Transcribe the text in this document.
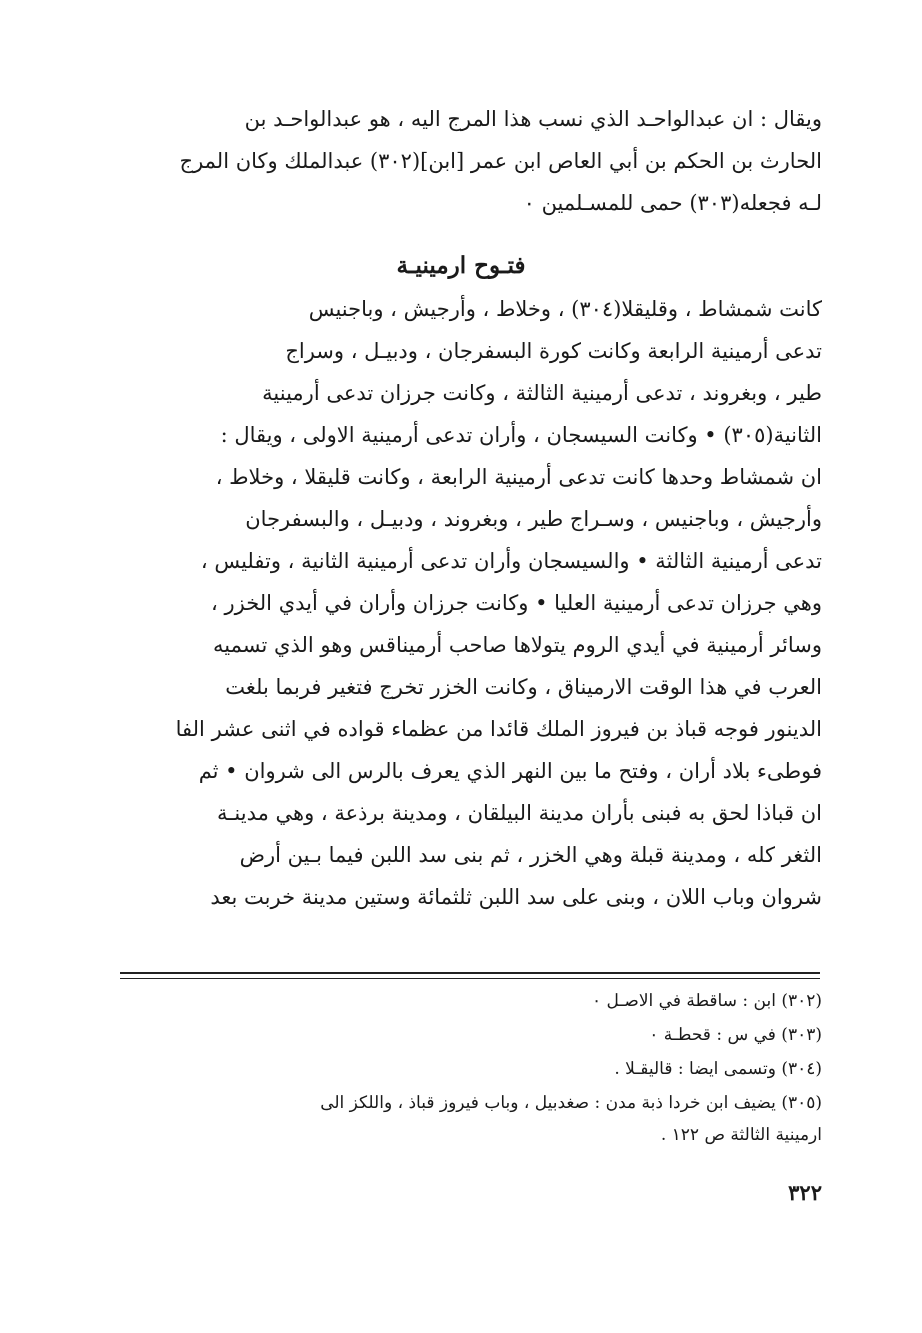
ويقال : ان عبدالواحـد الذي نسب هذا المرج اليه ، هو عبدالواحـد بن
الحارث بن الحكم بن أبي العاص ابن عمر [ابن](٣٠٢) عبدالملك وكان المرج
لـه فجعله(٣٠٣) حمى للمسـلمين ٠
فتـوح ارمينيـة
كانت شمشاط ، وقليقلا(٣٠٤) ، وخلاط ، وأرجيش ، وباجنيس
تدعى أرمينية الرابعة وكانت كورة البسفرجان ، ودبيـل ، وسراج
طير ، وبغروند ، تدعى أرمينية الثالثة ، وكانت جرزان تدعى أرمينية
الثانية(٣٠٥) • وكانت السيسجان ، وأران تدعى أرمينية الاولى ، ويقال :
ان شمشاط وحدها كانت تدعى أرمينية الرابعة ، وكانت قليقلا ، وخلاط ،
وأرجيش ، وباجنيس ، وسـراج طير ، وبغروند ، ودبيـل ، والبسفرجان
تدعى أرمينية الثالثة • والسيسجان وأران تدعى أرمينية الثانية ، وتفليس ،
وهي جرزان تدعى أرمينية العليا • وكانت جرزان وأران في أيدي الخزر ،
وسائر أرمينية في أيدي الروم يتولاها صاحب أرميناقس وهو الذي تسميه
العرب في هذا الوقت الارميناق ، وكانت الخزر تخرج فتغير فربما بلغت
الدينور فوجه قباذ بن فيروز الملك قائدا من عظماء قواده في اثنى عشر الفا
فوطىء بلاد أران ، وفتح ما بين النهر الذي يعرف بالرس الى شروان • ثم
ان قباذا لحق به فبنى بأران مدينة البيلقان ، ومدينة برذعة ، وهي مدينـة
الثغر كله ، ومدينة قبلة وهي الخزر ، ثم بنى سد اللبن فيما بـين أرض
شروان وباب اللان ، وبنى على سد اللبن ثلثمائة وستين مدينة خربت بعد
(٣٠٢) ابن : ساقطة في الاصـل ٠
(٣٠٣) في س : قحطـة ٠
(٣٠٤) وتسمى ايضا : قاليقـلا .
(٣٠٥) يضيف ابن خردا ذبة مدن : صغدبيل ، وباب فيروز قباذ ، واللكز الى
ارمينية الثالثة ص ١٢٢ .
٣٢٢
